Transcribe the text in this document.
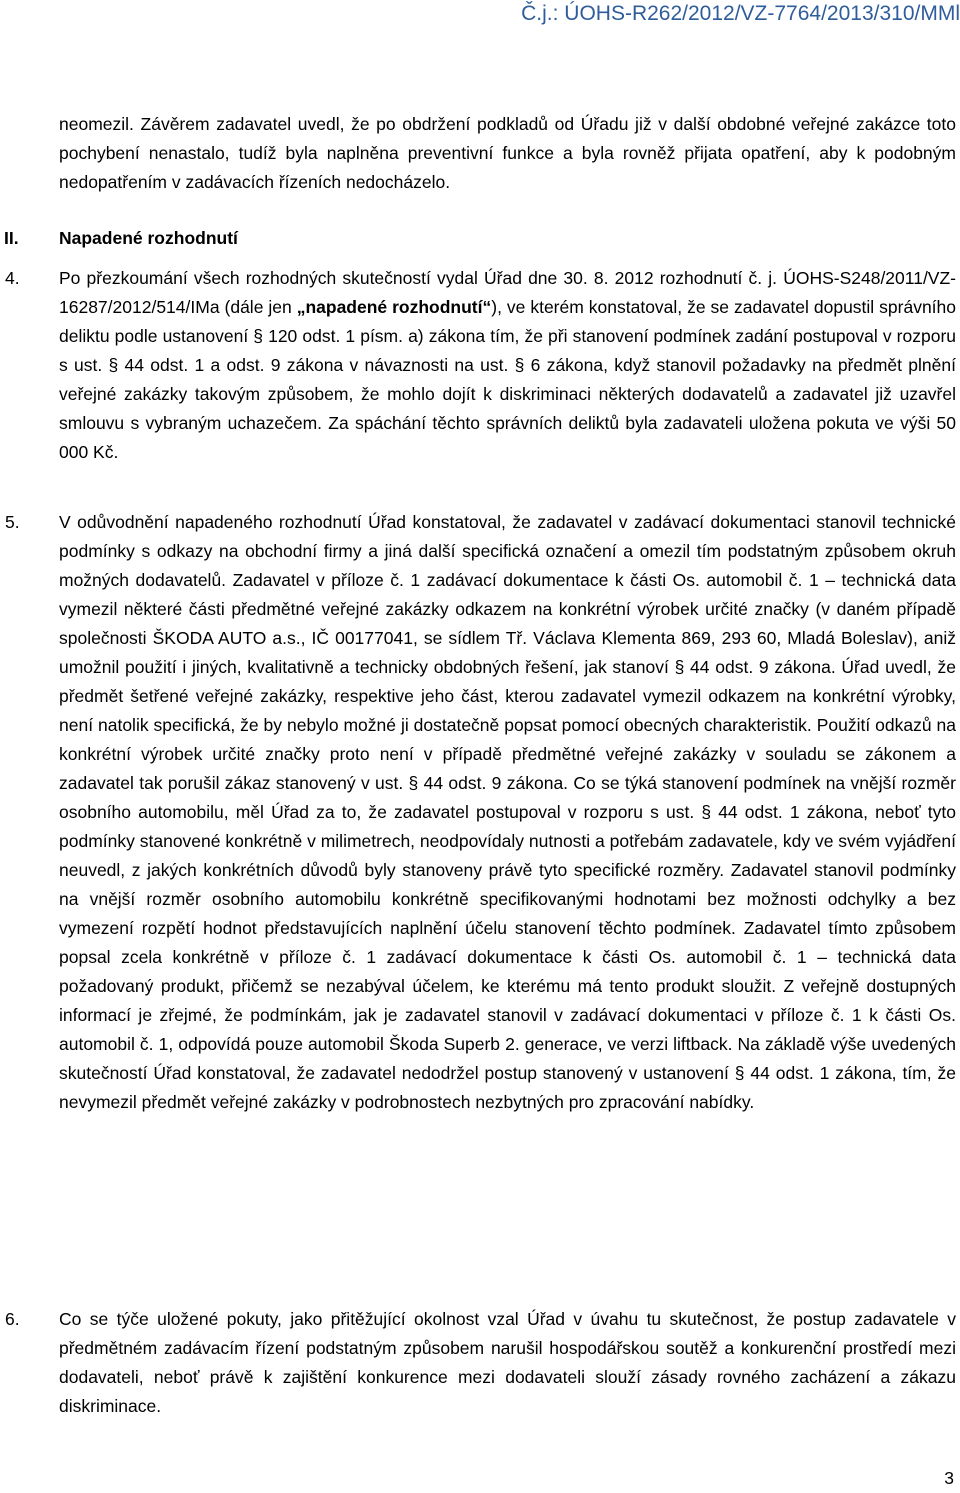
Č.j.: ÚOHS-R262/2012/VZ-7764/2013/310/MMl
neomezil. Závěrem zadavatel uvedl, že po obdržení podkladů od Úřadu již v další obdobné veřejné zakázce toto pochybení nenastalo, tudíž byla naplněna preventivní funkce a byla rovněž přijata opatření, aby k podobným nedopatřením v zadávacích řízeních nedocházelo.
II. Napadené rozhodnutí
4. Po přezkoumání všech rozhodných skutečností vydal Úřad dne 30. 8. 2012 rozhodnutí č. j. ÚOHS-S248/2011/VZ-16287/2012/514/IMa (dále jen „napadené rozhodnutí“), ve kterém konstatoval, že se zadavatel dopustil správního deliktu podle ustanovení § 120 odst. 1 písm. a) zákona tím, že při stanovení podmínek zadání postupoval v rozporu s ust. § 44 odst. 1 a odst. 9 zákona v návaznosti na ust. § 6 zákona, když stanovil požadavky na předmět plnění veřejné zakázky takovým způsobem, že mohlo dojít k diskriminaci některých dodavatelů a zadavatel již uzavřel smlouvu s vybraným uchazečem. Za spáchání těchto správních deliktů byla zadavateli uložena pokuta ve výši 50 000 Kč.
5. V odůvodnění napadeného rozhodnutí Úřad konstatoval, že zadavatel v zadávací dokumentaci stanovil technické podmínky s odkazy na obchodní firmy a jiná další specifická označení a omezil tím podstatným způsobem okruh možných dodavatelů. Zadavatel v příloze č. 1 zadávací dokumentace k části Os. automobil č. 1 – technická data vymezil některé části předmětné veřejné zakázky odkazem na konkrétní výrobek určité značky (v daném případě společnosti ŠKODA AUTO a.s., IČ 00177041, se sídlem Tř. Václava Klementa 869, 293 60, Mladá Boleslav), aniž umožnil použití i jiných, kvalitativně a technicky obdobných řešení, jak stanoví § 44 odst. 9 zákona. Úřad uvedl, že předmět šetřené veřejné zakázky, respektive jeho část, kterou zadavatel vymezil odkazem na konkrétní výrobky, není natolik specifická, že by nebylo možné ji dostatečně popsat pomocí obecných charakteristik. Použití odkazů na konkrétní výrobek určité značky proto není v případě předmětné veřejné zakázky v souladu se zákonem a zadavatel tak porušil zákaz stanovený v ust. § 44 odst. 9 zákona. Co se týká stanovení podmínek na vnější rozměr osobního automobilu, měl Úřad za to, že zadavatel postupoval v rozporu s ust. § 44 odst. 1 zákona, neboť tyto podmínky stanovené konkrétně v milimetrech, neodpovídaly nutnosti a potřebám zadavatele, kdy ve svém vyjádření neuvedl, z jakých konkrétních důvodů byly stanoveny právě tyto specifické rozměry. Zadavatel stanovil podmínky na vnější rozměr osobního automobilu konkrétně specifikovanými hodnotami bez možnosti odchylky a bez vymezení rozpětí hodnot představujících naplnění účelu stanovení těchto podmínek. Zadavatel tímto způsobem popsal zcela konkrétně v příloze č. 1 zadávací dokumentace k části Os. automobil č. 1 – technická data požadovaný produkt, přičemž se nezabýval účelem, ke kterému má tento produkt sloužit. Z veřejně dostupných informací je zřejmé, že podmínkám, jak je zadavatel stanovil v zadávací dokumentaci v příloze č. 1 k části Os. automobil č. 1, odpovídá pouze automobil Škoda Superb 2. generace, ve verzi liftback. Na základě výše uvedených skutečností Úřad konstatoval, že zadavatel nedodržel postup stanovený v ustanovení § 44 odst. 1 zákona, tím, že nevymezil předmět veřejné zakázky v podrobnostech nezbytných pro zpracování nabídky.
6. Co se týče uložené pokuty, jako přitěžující okolnost vzal Úřad v úvahu tu skutečnost, že postup zadavatele v předmětném zadávacím řízení podstatným způsobem narušil hospodářskou soutěž a konkurenční prostředí mezi dodavateli, neboť právě k zajištění konkurence mezi dodavateli slouží zásady rovného zacházení a zákazu diskriminace.
3
